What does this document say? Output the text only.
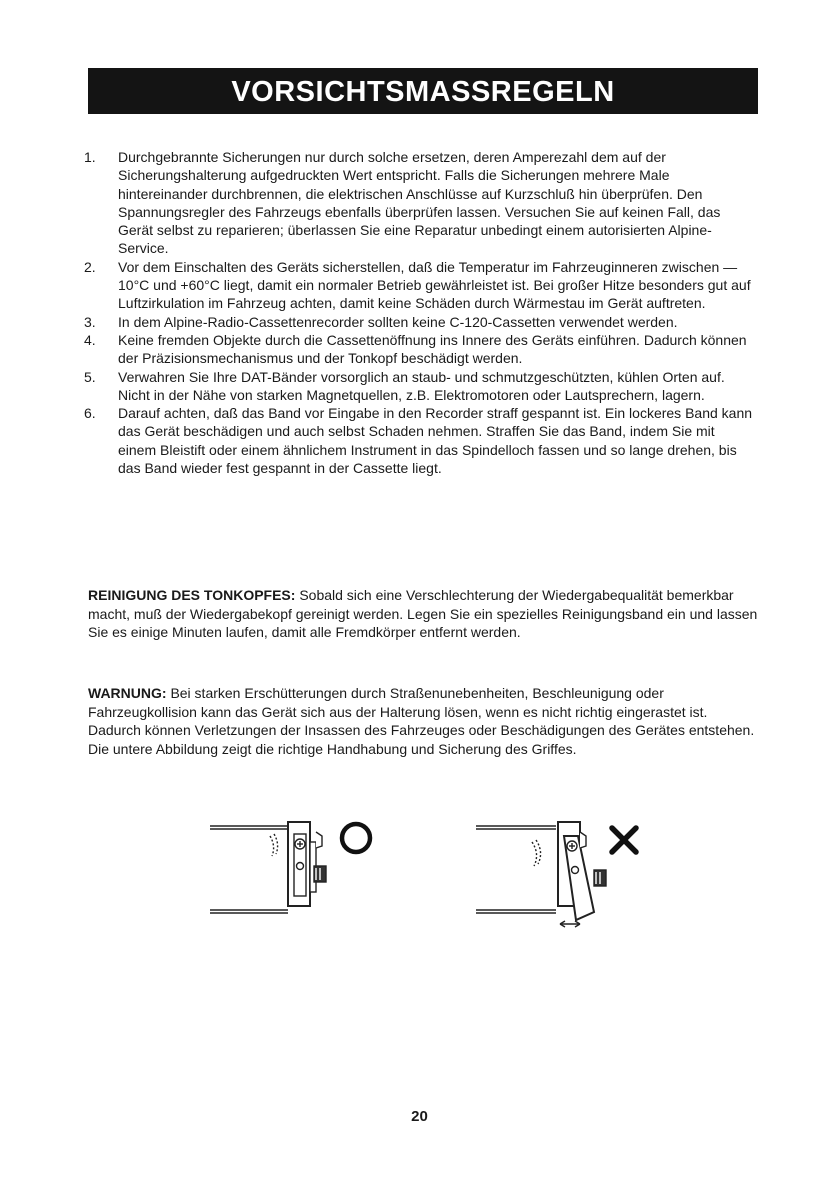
VORSICHTSMASSREGELN
1. Durchgebrannte Sicherungen nur durch solche ersetzen, deren Amperezahl dem auf der Sicherungshalterung aufgedruckten Wert entspricht. Falls die Sicherungen mehrere Male hintereinander durchbrennen, die elektrischen Anschlüsse auf Kurzschluß hin überprüfen. Den Spannungsregler des Fahrzeugs ebenfalls überprüfen lassen. Versuchen Sie auf keinen Fall, das Gerät selbst zu reparieren; überlassen Sie eine Reparatur unbedingt einem autorisierten Alpine-Service.
2. Vor dem Einschalten des Geräts sicherstellen, daß die Temperatur im Fahrzeuginneren zwischen —10°C und +60°C liegt, damit ein normaler Betrieb gewährleistet ist. Bei großer Hitze besonders gut auf Luftzirkulation im Fahrzeug achten, damit keine Schäden durch Wärmestau im Gerät auftreten.
3. In dem Alpine-Radio-Cassettenrecorder sollten keine C-120-Cassetten verwendet werden.
4. Keine fremden Objekte durch die Cassettenöffnung ins Innere des Geräts einführen. Dadurch können der Präzisionsmechanismus und der Tonkopf beschädigt werden.
5. Verwahren Sie Ihre DAT-Bänder vorsorglich an staub- und schmutzgeschützten, kühlen Orten auf. Nicht in der Nähe von starken Magnetquellen, z.B. Elektromotoren oder Lautsprechern, lagern.
6. Darauf achten, daß das Band vor Eingabe in den Recorder straff gespannt ist. Ein lockeres Band kann das Gerät beschädigen und auch selbst Schaden nehmen. Straffen Sie das Band, indem Sie mit einem Bleistift oder einem ähnlichem Instrument in das Spindelloch fassen und so lange drehen, bis das Band wieder fest gespannt in der Cassette liegt.

REINIGUNG DES TONKOPFES: Sobald sich eine Verschlechterung der Wiedergabequalität bemerkbar macht, muß der Wiedergabekopf gereinigt werden. Legen Sie ein spezielles Reinigungsband ein und lassen Sie es einige Minuten laufen, damit alle Fremdkörper entfernt werden.

WARNUNG: Bei starken Erschütterungen durch Straßenunebenheiten, Beschleunigung oder Fahrzeugkollision kann das Gerät sich aus der Halterung lösen, wenn es nicht richtig eingerastet ist. Dadurch können Verletzungen der Insassen des Fahrzeuges oder Beschädigungen des Gerätes entstehen. Die untere Abbildung zeigt die richtige Handhabung und Sicherung des Griffes.

20
